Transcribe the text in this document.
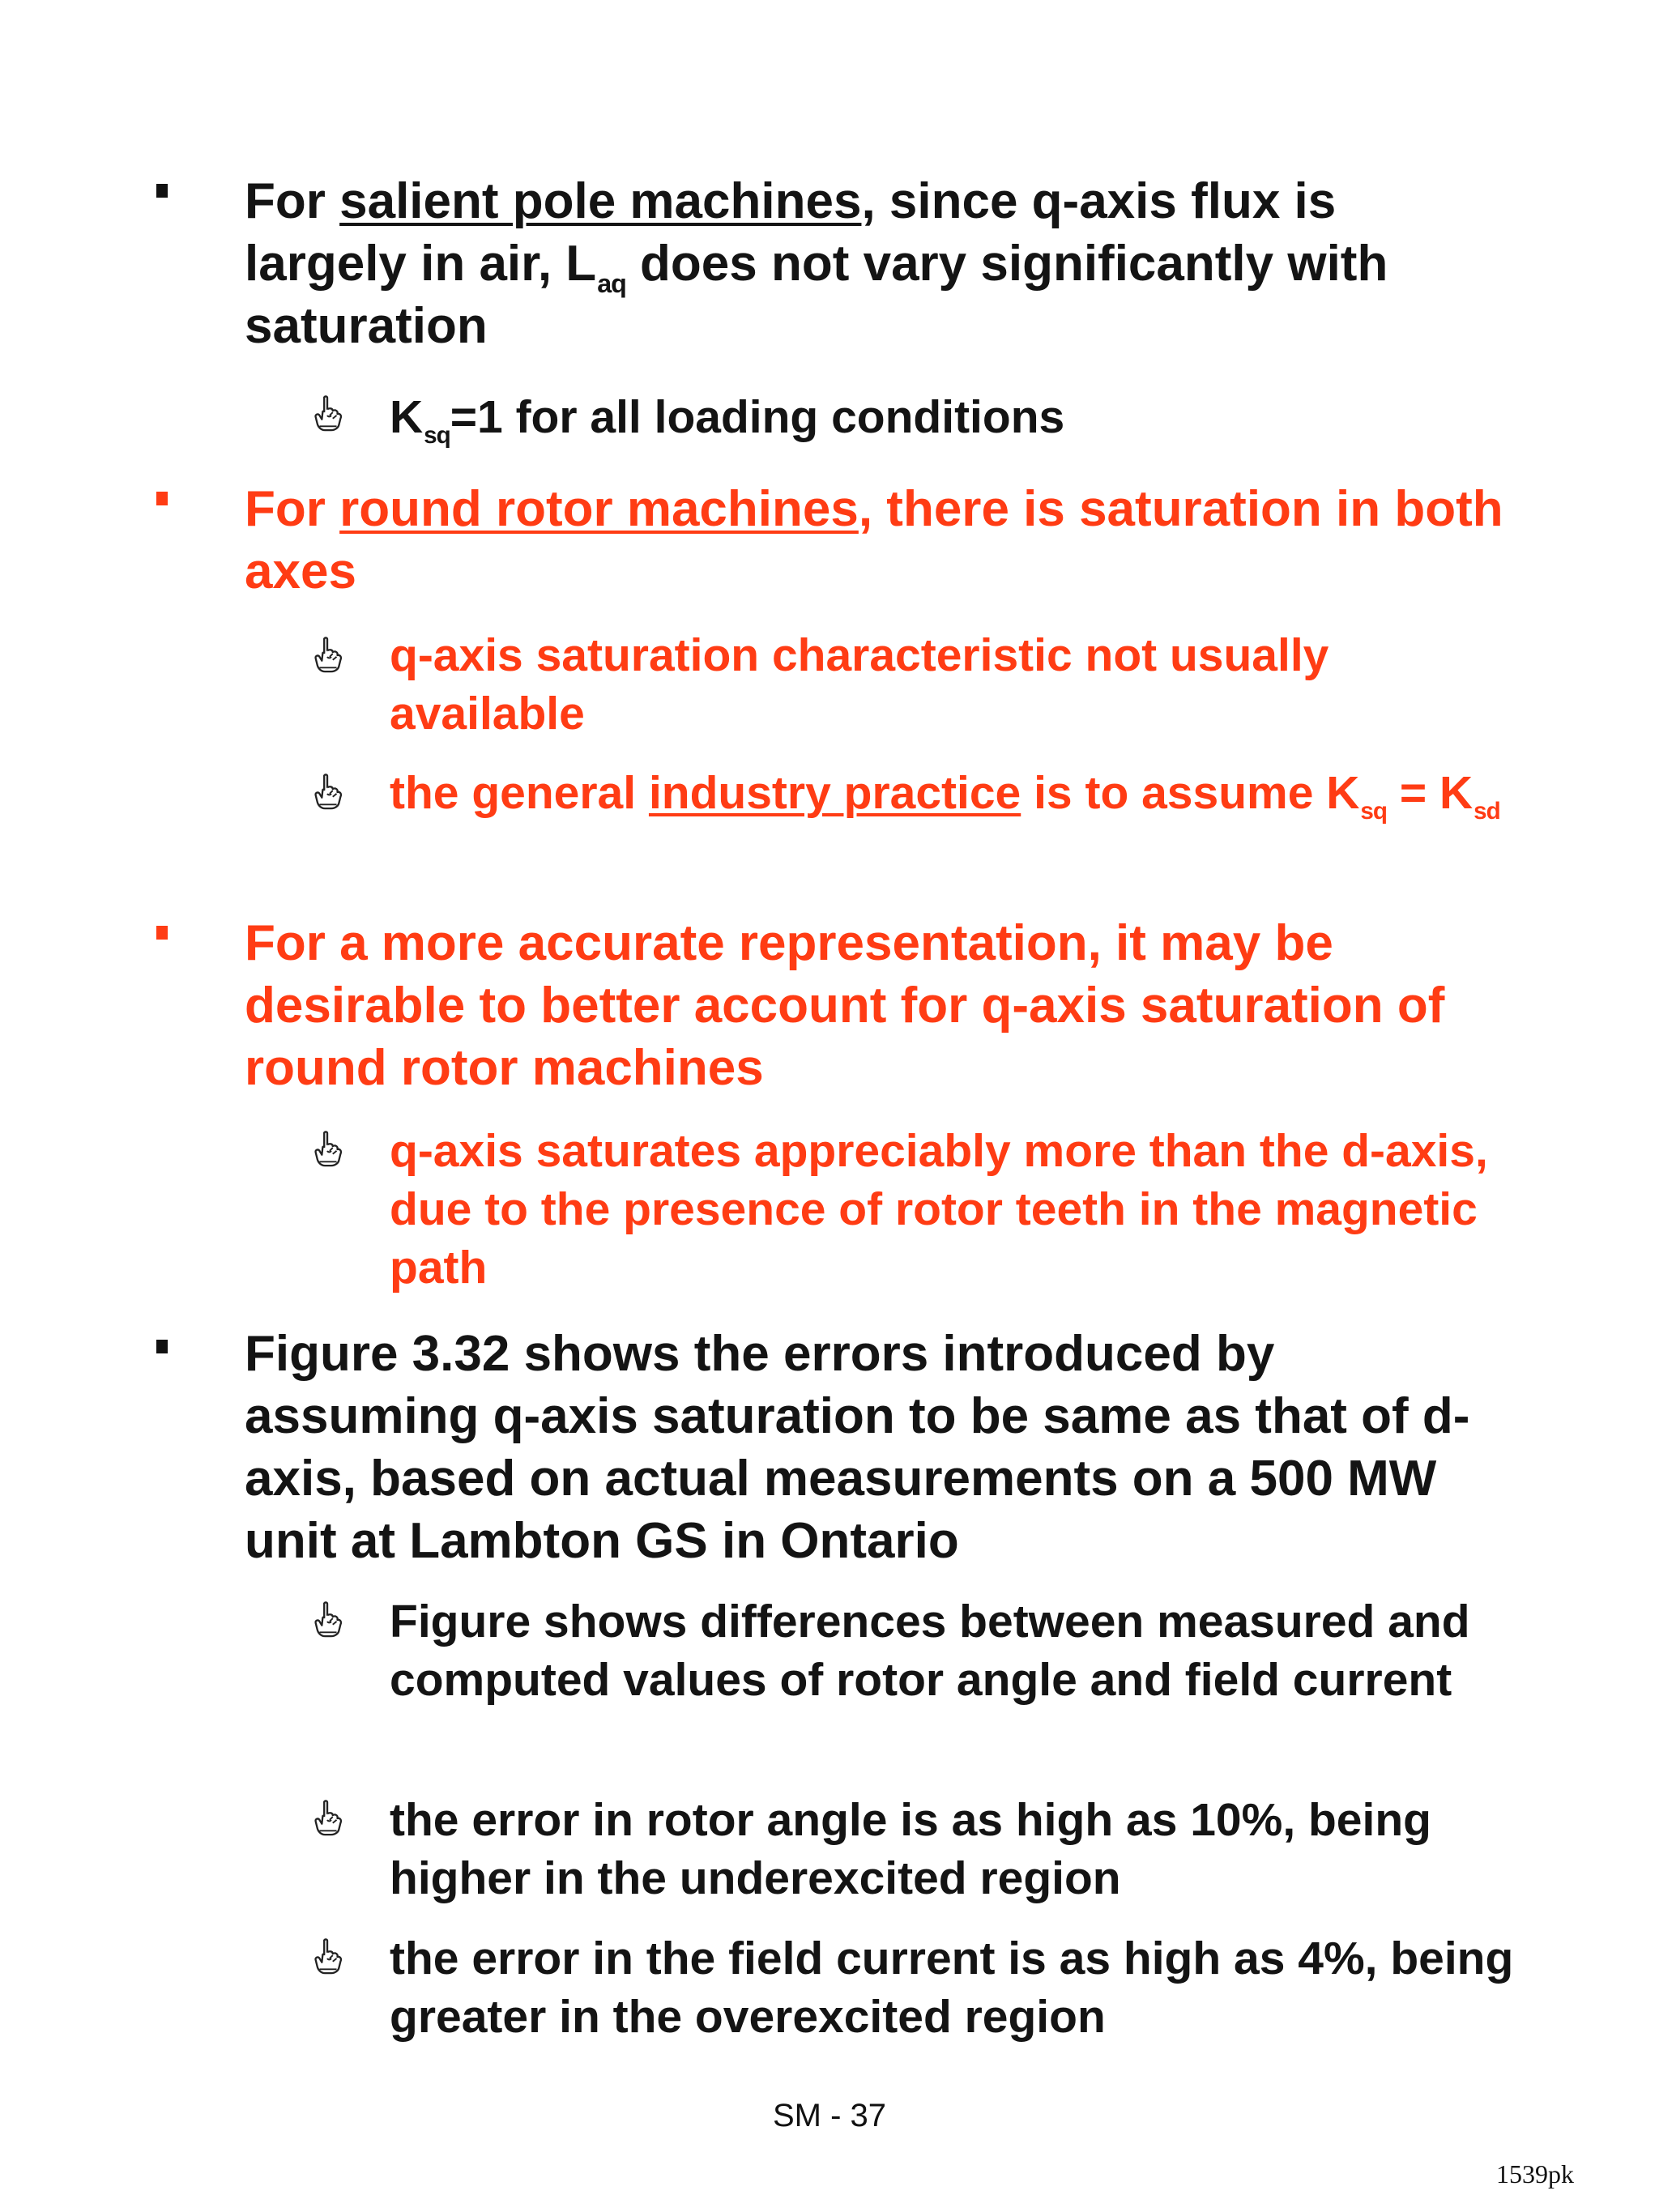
For salient pole machines, since q-axis flux is largely in air, $L_{aq}$ does not vary significantly with saturation

$K_{sq}=1$ for all loading conditions

For round rotor machines, there is saturation in both axes

q-axis saturation characteristic not usually available

the general industry practice is to assume $K_{sq} = K_{sd}$

For a more accurate representation, it may be desirable to better account for q-axis saturation of round rotor machines

q-axis saturates appreciably more than the d-axis, due to the presence of rotor teeth in the magnetic path

Figure 3.32 shows the errors introduced by assuming q-axis saturation to be same as that of d-axis, based on actual measurements on a 500 MW unit at Lambton GS in Ontario

Figure shows differences between measured and computed values of rotor angle and field current

the error in rotor angle is as high as 10%, being higher in the underexcited region

the error in the field current is as high as 4%, being greater in the overexcited region

SM - 37
1539pk
